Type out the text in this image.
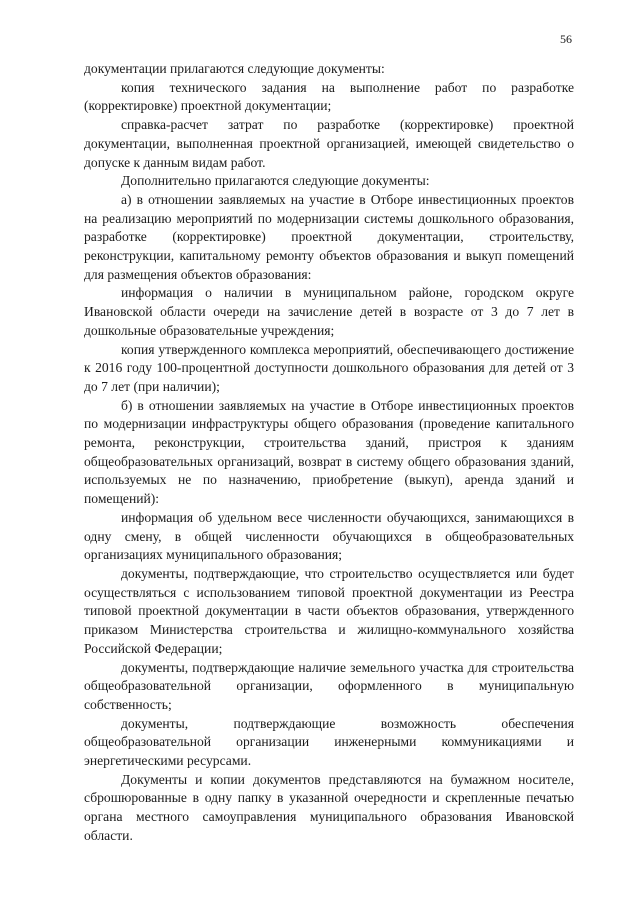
56

документации прилагаются следующие документы:

копия технического задания на выполнение работ по разработке (корректировке) проектной документации;

справка-расчет затрат по разработке (корректировке) проектной документации, выполненная проектной организацией, имеющей свидетельство о допуске к данным видам работ.

Дополнительно прилагаются следующие документы:

а) в отношении заявляемых на участие в Отборе инвестиционных проектов на реализацию мероприятий по модернизации системы дошкольного образования, разработке (корректировке) проектной документации, строительству, реконструкции, капитальному ремонту объектов образования и выкуп помещений для размещения объектов образования:

информация о наличии в муниципальном районе, городском округе Ивановской области очереди на зачисление детей в возрасте от 3 до 7 лет в дошкольные образовательные учреждения;

копия утвержденного комплекса мероприятий, обеспечивающего достижение к 2016 году 100-процентной доступности дошкольного образования для детей от 3 до 7 лет (при наличии);

б) в отношении заявляемых на участие в Отборе инвестиционных проектов по модернизации инфраструктуры общего образования (проведение капитального ремонта, реконструкции, строительства зданий, пристроя к зданиям общеобразовательных организаций, возврат в систему общего образования зданий, используемых не по назначению, приобретение (выкуп), аренда зданий и помещений):

информация об удельном весе численности обучающихся, занимающихся в одну смену, в общей численности обучающихся в общеобразовательных организациях муниципального образования;

документы, подтверждающие, что строительство осуществляется или будет осуществляться с использованием типовой проектной документации из Реестра типовой проектной документации в части объектов образования, утвержденного приказом Министерства строительства и жилищно-коммунального хозяйства Российской Федерации;

документы, подтверждающие наличие земельного участка для строительства общеобразовательной организации, оформленного в муниципальную собственность;

документы, подтверждающие возможность обеспечения общеобразовательной организации инженерными коммуникациями и энергетическими ресурсами.

Документы и копии документов представляются на бумажном носителе, сброшюрованные в одну папку в указанной очередности и скрепленные печатью органа местного самоуправления муниципального образования Ивановской области.
